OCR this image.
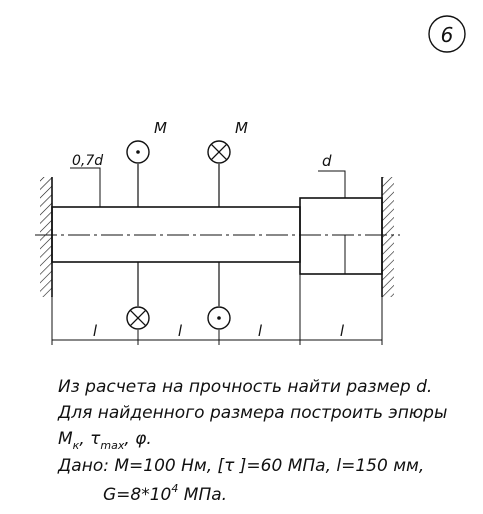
6
0,7d	d
M	M
l	l	l	l
Из расчета на прочность найти размер d.
Для найденного размера построить эпюры
$M_к$, $\tau_{max}$, φ.
Дано: M=100 Нм, [τ ]=60 МПа, l=150 мм,
$G=8*10^4$ МПа.
